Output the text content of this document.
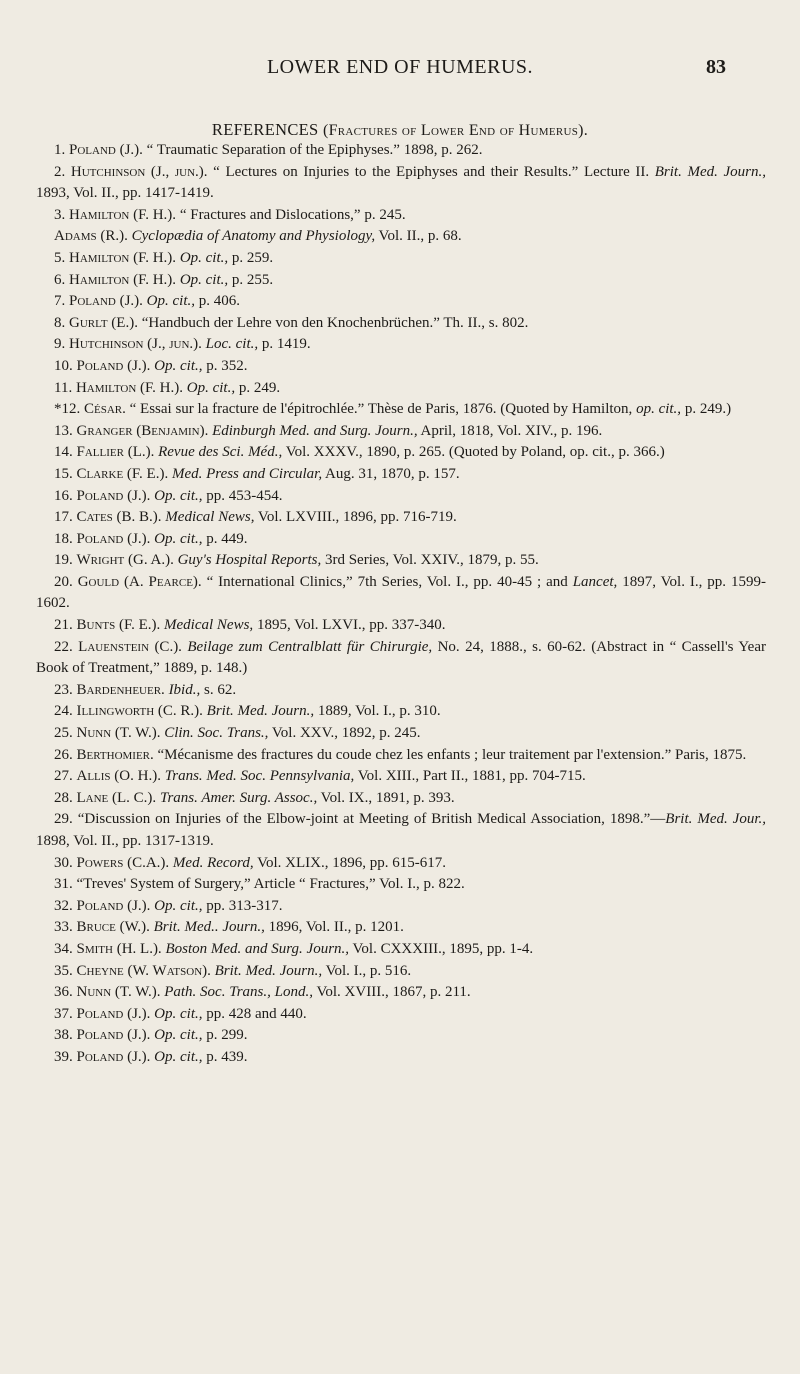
LOWER END OF HUMERUS.	83
REFERENCES (Fractures of Lower End of Humerus).
1. Poland (J.). “ Traumatic Separation of the Epiphyses.” 1898, p. 262.
2. Hutchinson (J., jun.). “ Lectures on Injuries to the Epiphyses and their Results.” Lecture II. Brit. Med. Journ., 1893, Vol. II., pp. 1417-1419.
3. Hamilton (F. H.). “ Fractures and Dislocations,” p. 245.
Adams (R.). Cyclopædia of Anatomy and Physiology, Vol. II., p. 68.
5. Hamilton (F. H.). Op. cit., p. 259.
6. Hamilton (F. H.). Op. cit., p. 255.
7. Poland (J.). Op. cit., p. 406.
8. Gurlt (E.). “Handbuch der Lehre von den Knochenbrüchen.” Th. II., s. 802.
9. Hutchinson (J., jun.). Loc. cit., p. 1419.
10. Poland (J.). Op. cit., p. 352.
11. Hamilton (F. H.). Op. cit., p. 249.
*12. César. “ Essai sur la fracture de l'épitrochlée.” Thèse de Paris, 1876. (Quoted by Hamilton, op. cit., p. 249.)
13. Granger (Benjamin). Edinburgh Med. and Surg. Journ., April, 1818, Vol. XIV., p. 196.
14. Fallier (L.). Revue des Sci. Méd., Vol. XXXV., 1890, p. 265. (Quoted by Poland, op. cit., p. 366.)
15. Clarke (F. E.). Med. Press and Circular, Aug. 31, 1870, p. 157.
16. Poland (J.). Op. cit., pp. 453-454.
17. Cates (B. B.). Medical News, Vol. LXVIII., 1896, pp. 716-719.
18. Poland (J.). Op. cit., p. 449.
19. Wright (G. A.). Guy's Hospital Reports, 3rd Series, Vol. XXIV., 1879, p. 55.
20. Gould (A. Pearce). “ International Clinics,” 7th Series, Vol. I., pp. 40-45 ; and Lancet, 1897, Vol. I., pp. 1599-1602.
21. Bunts (F. E.). Medical News, 1895, Vol. LXVI., pp. 337-340.
22. Lauenstein (C.). Beilage zum Centralblatt für Chirurgie, No. 24, 1888., s. 60-62. (Abstract in “ Cassell's Year Book of Treatment,” 1889, p. 148.)
23. Bardenheuer. Ibid., s. 62.
24. Illingworth (C. R.). Brit. Med. Journ., 1889, Vol. I., p. 310.
25. Nunn (T. W.). Clin. Soc. Trans., Vol. XXV., 1892, p. 245.
26. Berthomier. “Mécanisme des fractures du coude chez les enfants ; leur traitement par l'extension.” Paris, 1875.
27. Allis (O. H.). Trans. Med. Soc. Pennsylvania, Vol. XIII., Part II., 1881, pp. 704-715.
28. Lane (L. C.). Trans. Amer. Surg. Assoc., Vol. IX., 1891, p. 393.
29. “Discussion on Injuries of the Elbow-joint at Meeting of British Medical Association, 1898.”—Brit. Med. Jour., 1898, Vol. II., pp. 1317-1319.
30. Powers (C.A.). Med. Record, Vol. XLIX., 1896, pp. 615-617.
31. “Treves' System of Surgery,” Article “ Fractures,” Vol. I., p. 822.
32. Poland (J.). Op. cit., pp. 313-317.
33. Bruce (W.). Brit. Med.. Journ., 1896, Vol. II., p. 1201.
34. Smith (H. L.). Boston Med. and Surg. Journ., Vol. CXXXIII., 1895, pp. 1-4.
35. Cheyne (W. Watson). Brit. Med. Journ., Vol. I., p. 516.
36. Nunn (T. W.). Path. Soc. Trans., Lond., Vol. XVIII., 1867, p. 211.
37. Poland (J.). Op. cit., pp. 428 and 440.
38. Poland (J.). Op. cit., p. 299.
39. Poland (J.). Op. cit., p. 439.
